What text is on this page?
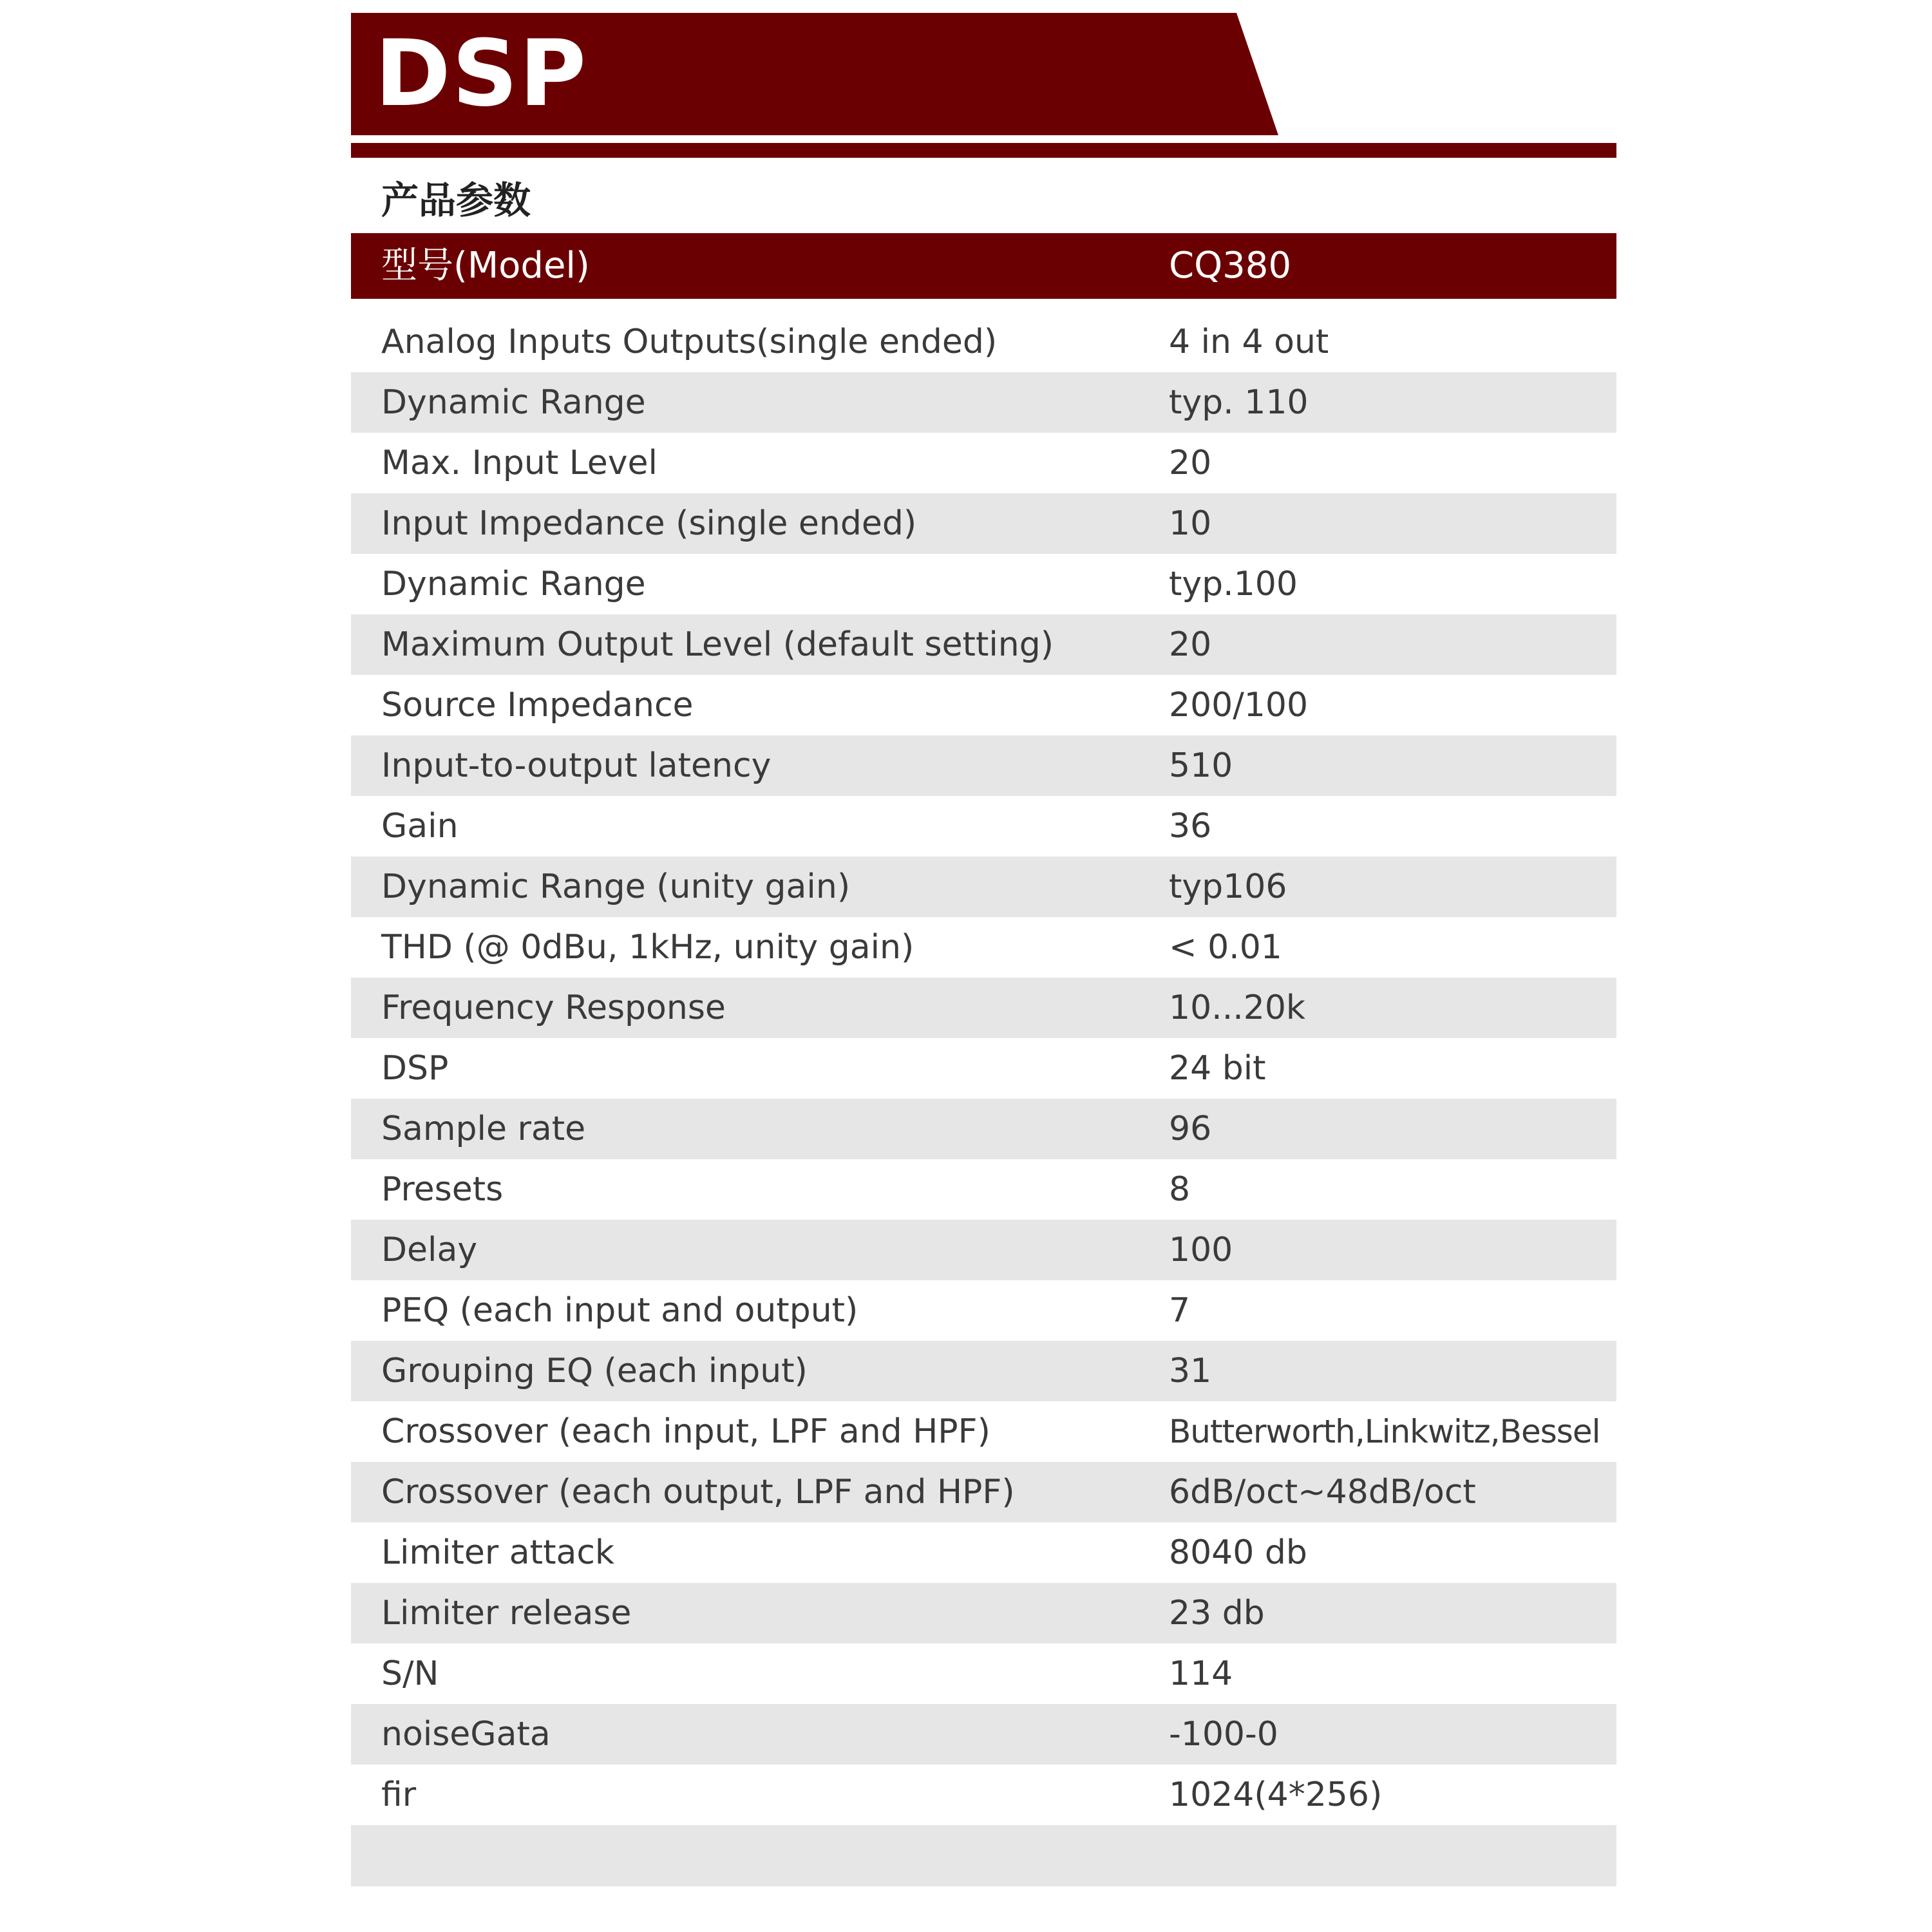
DSP
产品参数
型号(Model)	CQ380
Analog Inputs Outputs(single ended)	4 in 4 out
Dynamic Range	typ. 110
Max. Input Level	20
Input Impedance (single ended)	10
Dynamic Range	typ.100
Maximum Output Level (default setting)	20
Source Impedance	200/100
Input-to-output latency	510
Gain	36
Dynamic Range (unity gain)	typ106
THD (@ 0dBu, 1kHz, unity gain)	< 0.01
Frequency Response	10...20k
DSP	24 bit
Sample rate	96
Presets	8
Delay	100
PEQ (each input and output)	7
Grouping EQ (each input)	31
Crossover (each input, LPF and HPF)	Butterworth,Linkwitz,Bessel
Crossover (each output, LPF and HPF)	6dB/oct~48dB/oct
Limiter attack	8040 db
Limiter release	23 db
S/N	114
noiseGata	-100-0
fir	1024(4*256)
